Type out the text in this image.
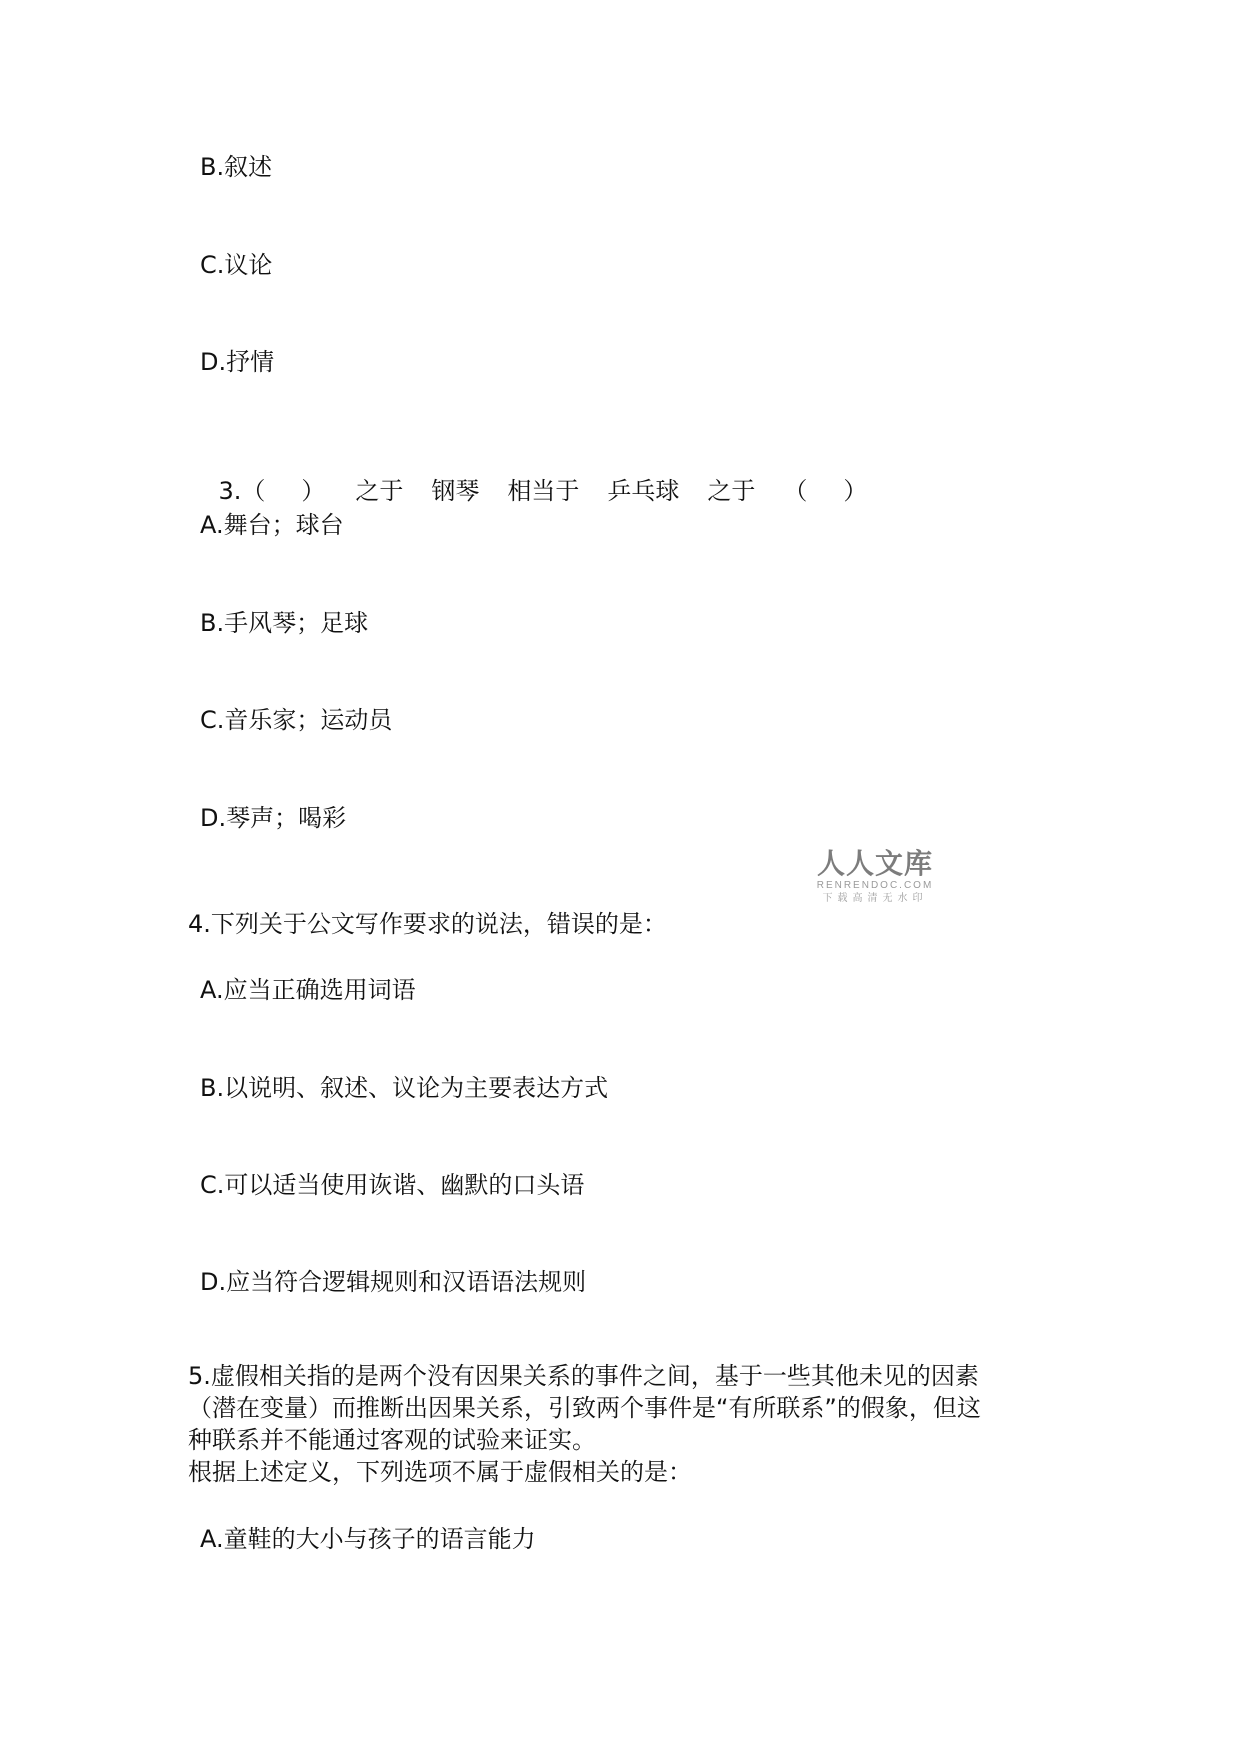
B.叙述
C.议论
D.抒情

3.（ ） 之于 钢琴 相当于 乒乓球 之于 （ ）

A.舞台；球台
B.手风琴；足球
C.音乐家；运动员
D.琴声；喝彩
人人文库
RENRENDOC.COM
下载高清无水印
4.下列关于公文写作要求的说法，错误的是：
A.应当正确选用词语
B.以说明、叙述、议论为主要表达方式
C.可以适当使用诙谐、幽默的口头语
D.应当符合逻辑规则和汉语语法规则
5.虚假相关指的是两个没有因果关系的事件之间，基于一些其他未见的因素
（潜在变量）而推断出因果关系，引致两个事件是“有所联系”的假象，但这
种联系并不能通过客观的试验来证实。
根据上述定义，下列选项不属于虚假相关的是：
A.童鞋的大小与孩子的语言能力
